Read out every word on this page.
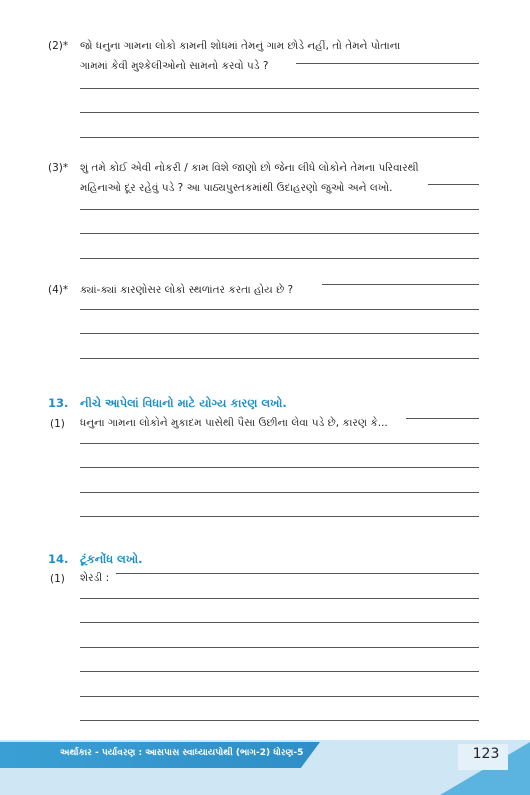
(2)* જો ધનુના ગામના લોકો કામની શોધમાં તેમનું ગામ છોડે નહીં, તો તેમને પોતાના
ગામમાં કેવી મુશ્કેલીઓનો સામનો કરવો પડે ?
(3)* શું તમે કોઈ એવી નોકરી / કામ વિશે જાણો છો જેના લીધે લોકોને તેમના પરિવારથી
મહિનાઓ દૂર રહેવું પડે ? આ પાઠ્યપુસ્તકમાંથી ઉદાહરણો જુઓ અને લખો.
(4)* ક્યાં-ક્યાં કારણોસર લોકો સ્થળાંતર કરતા હોય છે ?
13. નીચે આપેલાં વિધાનો માટે યોગ્ય કારણ લખો.
(1) ધનુના ગામના લોકોને મુકાદમ પાસેથી પૈસા ઉછીના લેવા પડે છે, કારણ કે...
14. ટૂંકનોંધ લખો.
(1) શેરડી :
અર્થાકાર - પર્યાવરણ : આસપાસ સ્વાધ્યાયપોથી (ભાગ-2) ધોરણ-5	123
